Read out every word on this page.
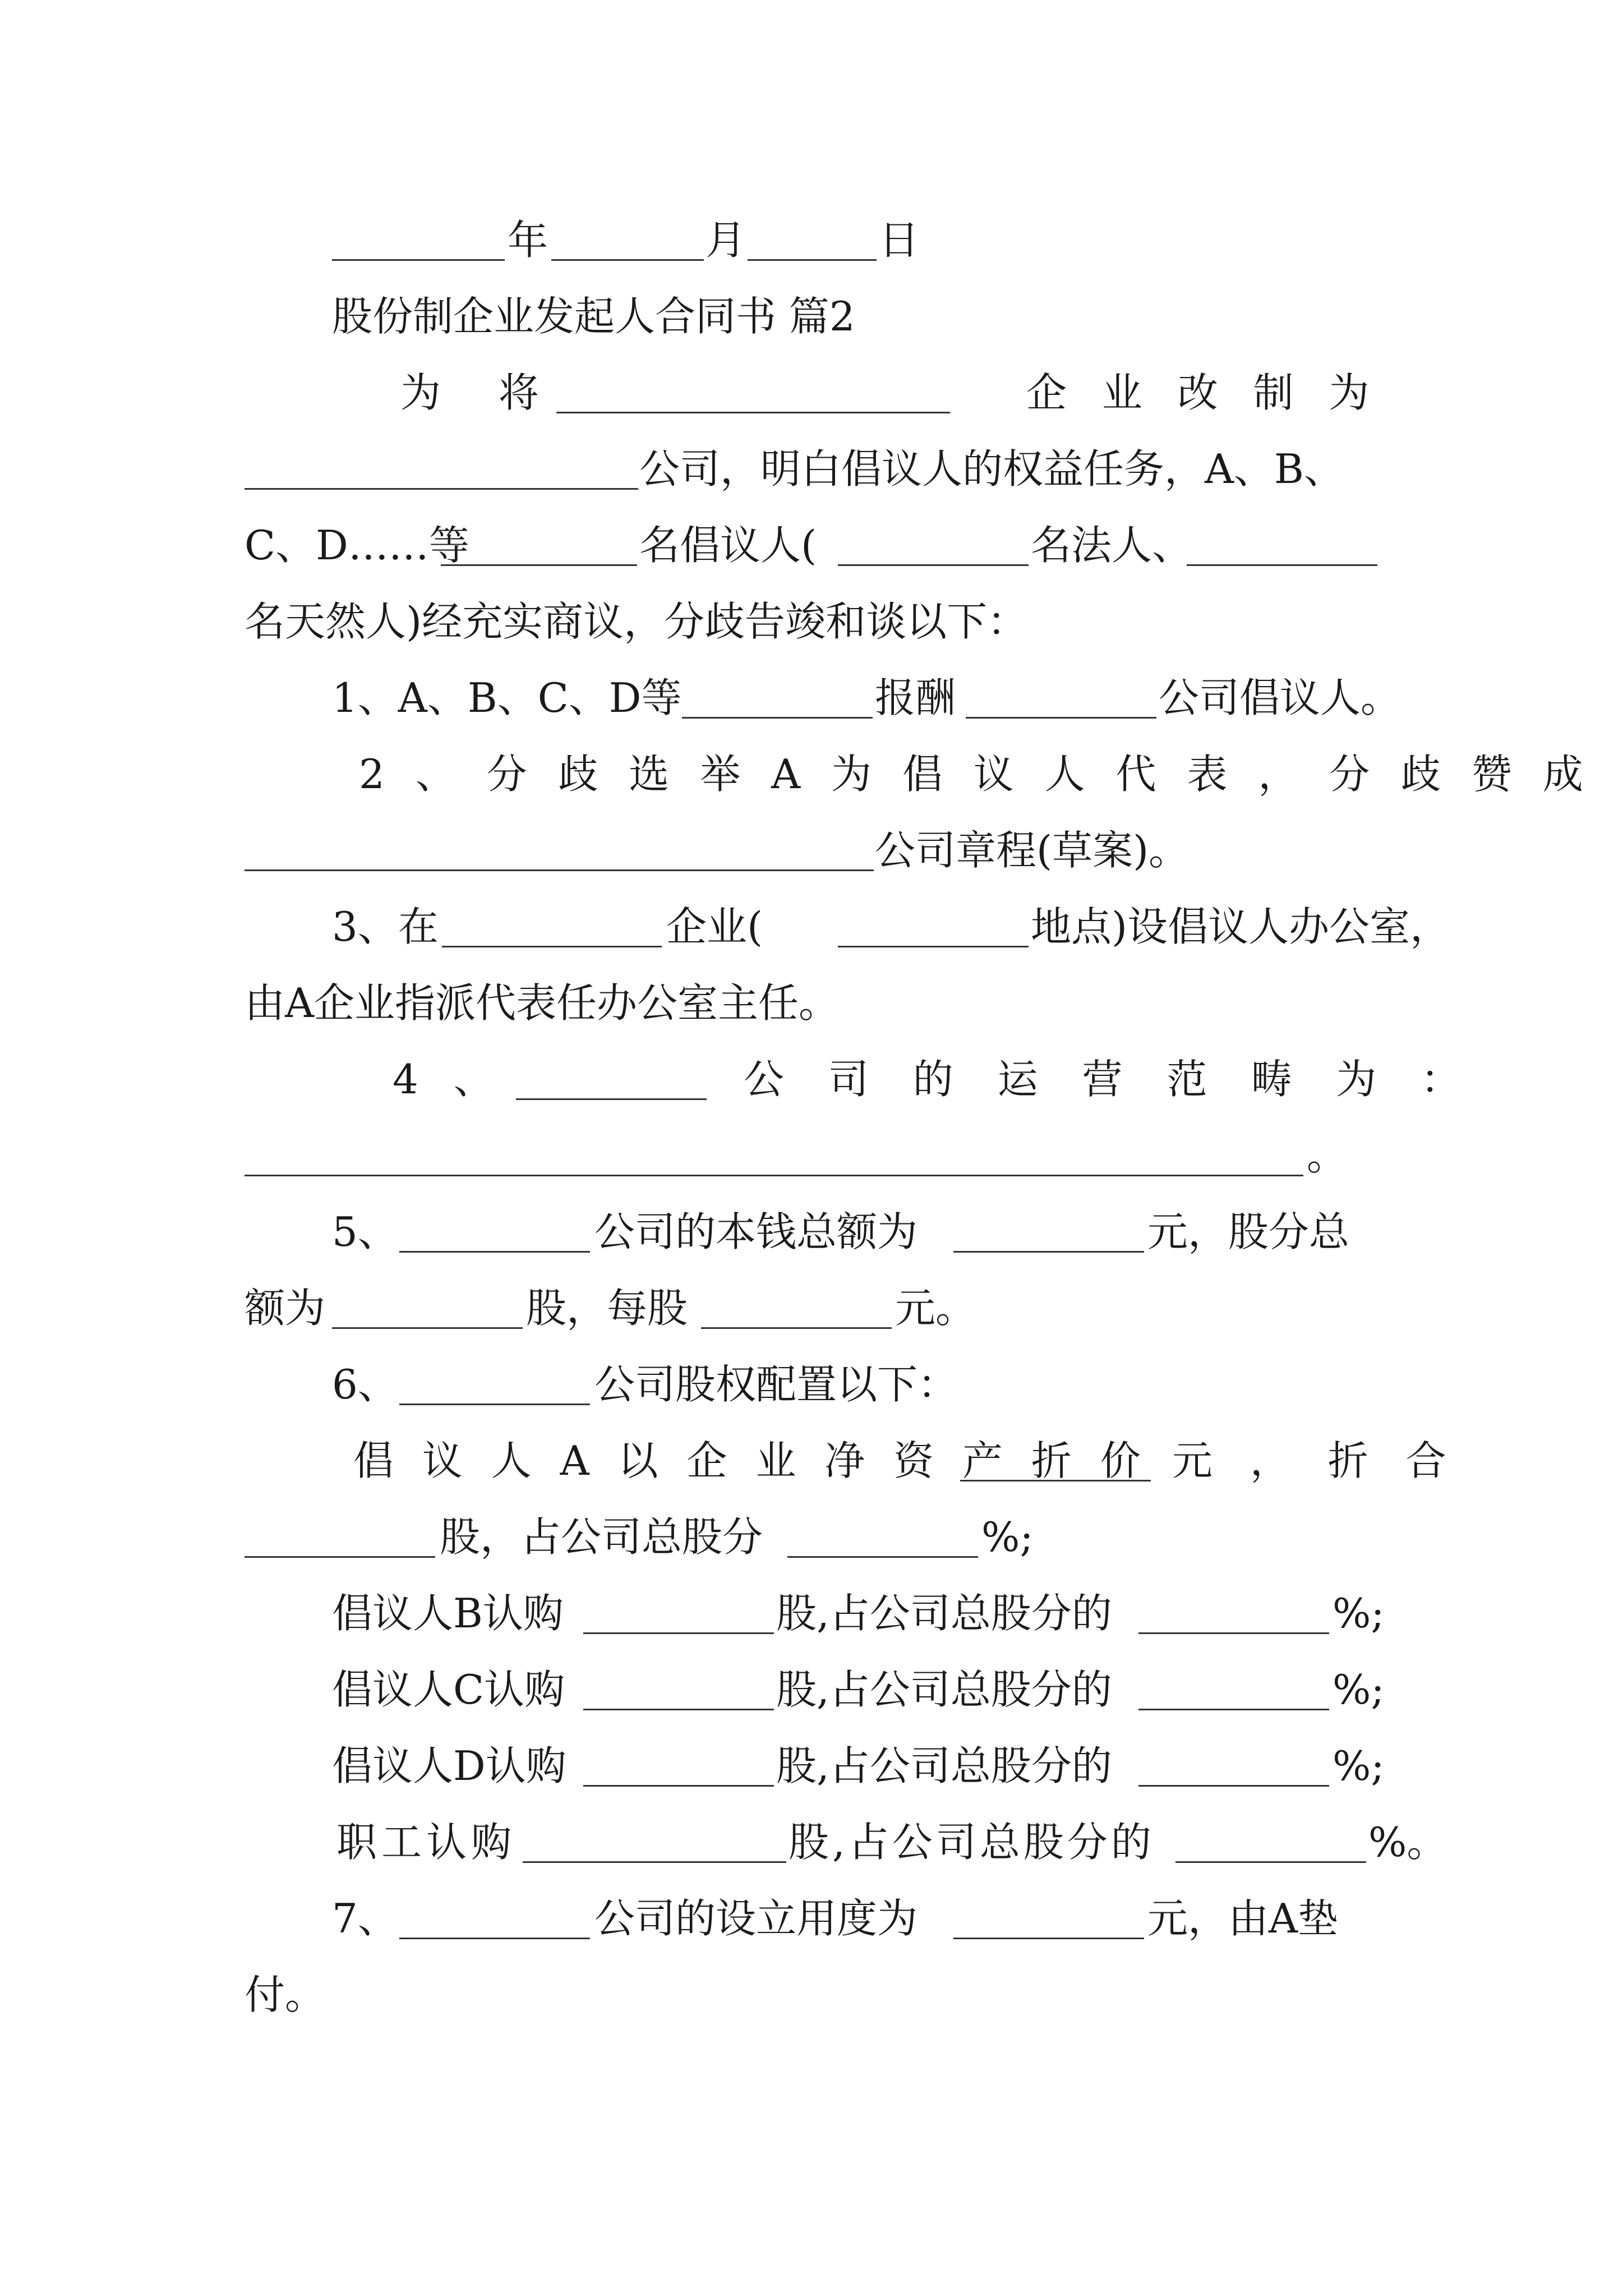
年	月	日
股份制企业发起人合同书 篇2
为 将	企 业 改 制 为
公司，明白倡议人的权益任务，A、B、
C、D……等	名倡议人(	名法人、
名天然人)经充实商议，分歧告竣和谈以下：
1、A、B、C、D等	报酬	公司倡议人。
2 、 分 歧 选 举 A 为 倡 议 人 代 表 ， 分 歧 赞 成
公司章程(草案)。
3、在	企业(	地点)设倡议人办公室，
由A企业指派代表任办公室主任。
4 、	公 司 的 运 营 范 畴 为 ：
。
5、	公司的本钱总额为	元，股分总
额为	股，每股	元。
6、	公司股权配置以下：
倡 议 人 A 以 企 业 净 资 产 折 价 元 ， 折 合
股，占公司总股分	%;
倡议人B认购	股,占公司总股分的	%;
倡议人C认购	股,占公司总股分的	%;
倡议人D认购	股,占公司总股分的	%;
职工认购	股,占公司总股分的	%。
7、	公司的设立用度为	元，由A垫
付。
